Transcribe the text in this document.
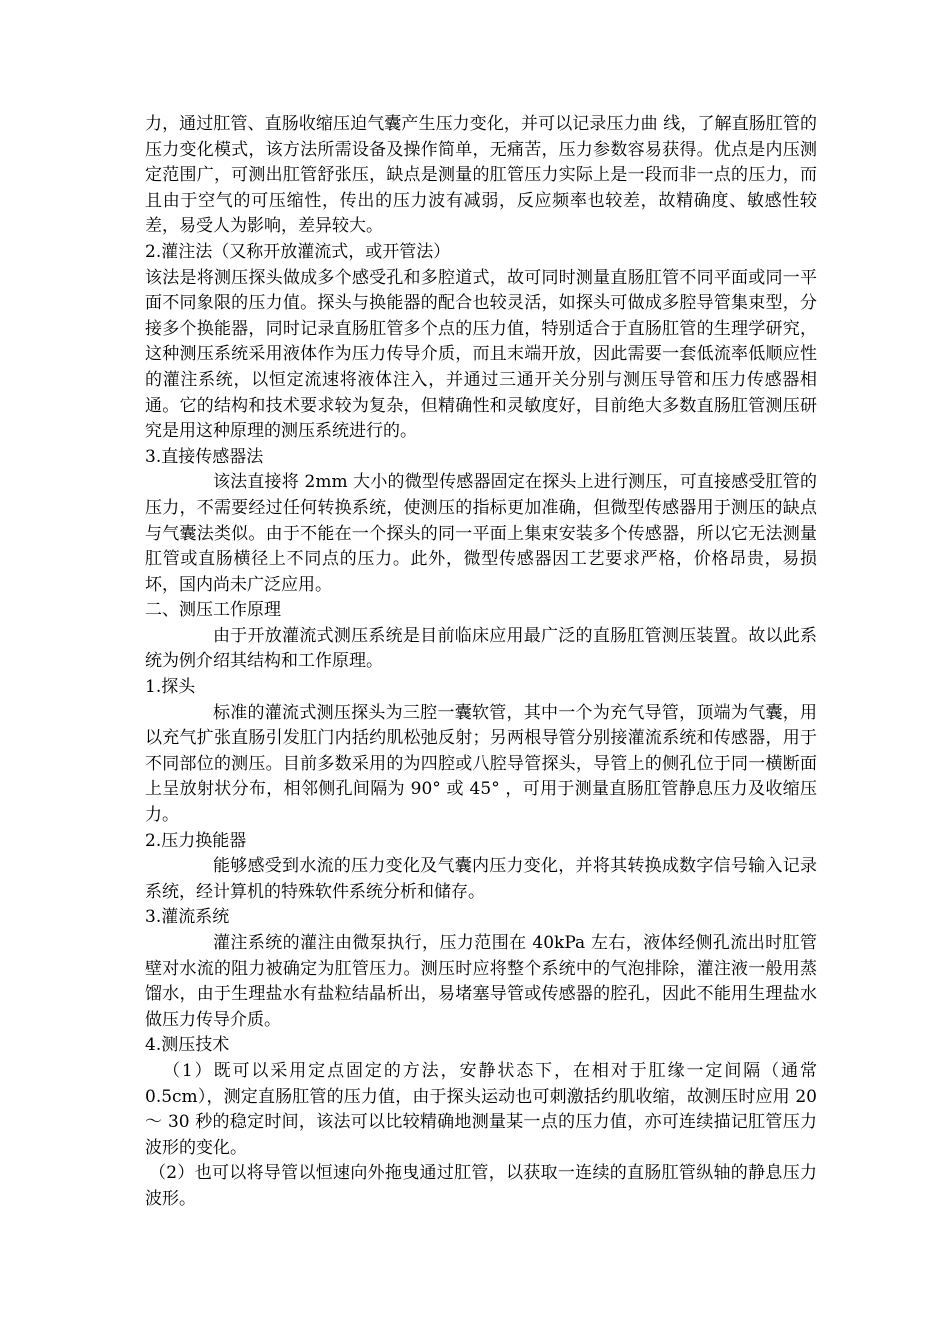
力，通过肛管、直肠收缩压迫气囊产生压力变化，并可以记录压力曲 线，了解直肠肛管的压力变化模式，该方法所需设备及操作简单，无痛苦，压力参数容易获得。优点是内压测定范围广，可测出肛管舒张压，缺点是测量的肛管压力实际上是一段而非一点的压力，而且由于空气的可压缩性，传出的压力波有减弱，反应频率也较差，故精确度、敏感性较差，易受人为影响，差异较大。

2.灌注法（又称开放灌流式，或开管法）

该法是将测压探头做成多个感受孔和多腔道式，故可同时测量直肠肛管不同平面或同一平面不同象限的压力值。探头与换能器的配合也较灵活，如探头可做成多腔导管集束型，分接多个换能器，同时记录直肠肛管多个点的压力值，特别适合于直肠肛管的生理学研究，这种测压系统采用液体作为压力传导介质，而且末端开放，因此需要一套低流率低顺应性的灌注系统，以恒定流速将液体注入，并通过三通开关分别与测压导管和压力传感器相通。它的结构和技术要求较为复杂，但精确性和灵敏度好，目前绝大多数直肠肛管测压研究是用这种原理的测压系统进行的。

3.直接传感器法

该法直接将 2mm 大小的微型传感器固定在探头上进行测压，可直接感受肛管的压力，不需要经过任何转换系统，使测压的指标更加准确，但微型传感器用于测压的缺点与气囊法类似。由于不能在一个探头的同一平面上集束安装多个传感器，所以它无法测量肛管或直肠横径上不同点的压力。此外，微型传感器因工艺要求严格，价格昂贵，易损坏，国内尚未广泛应用。

二、测压工作原理

由于开放灌流式测压系统是目前临床应用最广泛的直肠肛管测压装置。故以此系统为例介绍其结构和工作原理。

1.探头

标准的灌流式测压探头为三腔一囊软管，其中一个为充气导管，顶端为气囊，用以充气扩张直肠引发肛门内括约肌松弛反射；另两根导管分别接灌流系统和传感器，用于不同部位的测压。目前多数采用的为四腔或八腔导管探头，导管上的侧孔位于同一横断面上呈放射状分布，相邻侧孔间隔为 90° 或 45° ，可用于测量直肠肛管静息压力及收缩压力。

2.压力换能器

能够感受到水流的压力变化及气囊内压力变化，并将其转换成数字信号输入记录系统，经计算机的特殊软件系统分析和储存。

3.灌流系统

灌注系统的灌注由微泵执行，压力范围在 40kPa 左右，液体经侧孔流出时肛管壁对水流的阻力被确定为肛管压力。测压时应将整个系统中的气泡排除，灌注液一般用蒸馏水，由于生理盐水有盐粒结晶析出，易堵塞导管或传感器的腔孔，因此不能用生理盐水做压力传导介质。

4.测压技术

（1）既可以采用定点固定的方法，安静状态下，在相对于肛缘一定间隔（通常 0.5cm），测定直肠肛管的压力值，由于探头运动也可刺激括约肌收缩，故测压时应用 20 ～ 30 秒的稳定时间，该法可以比较精确地测量某一点的压力值，亦可连续描记肛管压力波形的变化。

（2）也可以将导管以恒速向外拖曳通过肛管，以获取一连续的直肠肛管纵轴的静息压力波形。
